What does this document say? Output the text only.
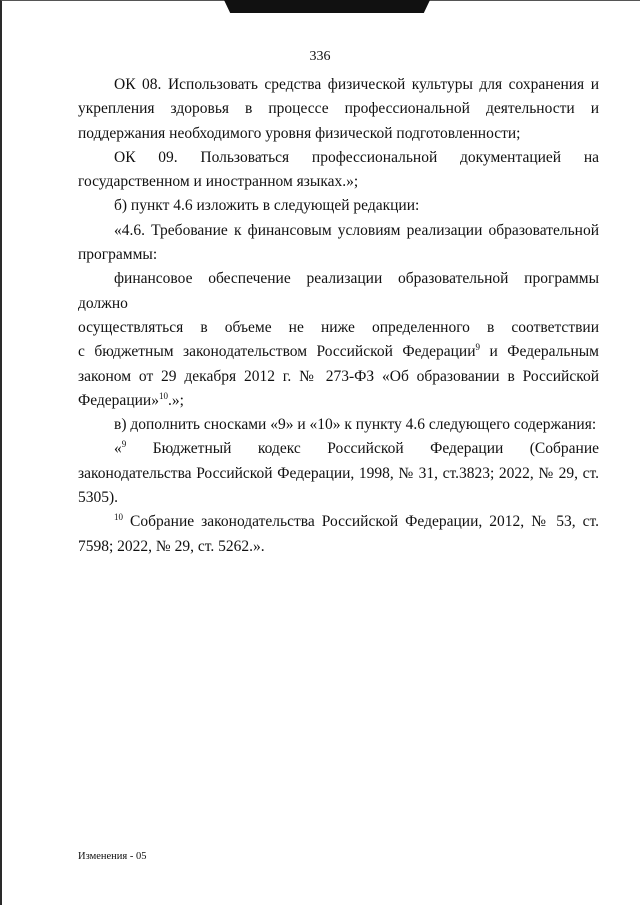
336

ОК 08. Использовать средства физической культуры для сохранения и укрепления здоровья в процессе профессиональной деятельности и поддержания необходимого уровня физической подготовленности;

ОК 09. Пользоваться профессиональной документацией на государственном и иностранном языках.»;

б) пункт 4.6 изложить в следующей редакции:

«4.6. Требование к финансовым условиям реализации образовательной программы:

финансовое обеспечение реализации образовательной программы должно

осуществляться в объеме не ниже определенного в соответствии

с бюджетным законодательством Российской Федерации$^9$ и Федеральным законом от 29 декабря 2012 г. № 273-ФЗ «Об образовании в Российской Федерации»$^{10}$.»;

в) дополнить сносками «9» и «10» к пункту 4.6 следующего содержания:

«$^9$ Бюджетный кодекс Российской Федерации (Собрание законодательства Российской Федерации, 1998, № 31, ст.3823; 2022, № 29, ст. 5305).

$^{10}$ Собрание законодательства Российской Федерации, 2012, № 53, ст. 7598; 2022, № 29, ст. 5262.».

Изменения - 05
